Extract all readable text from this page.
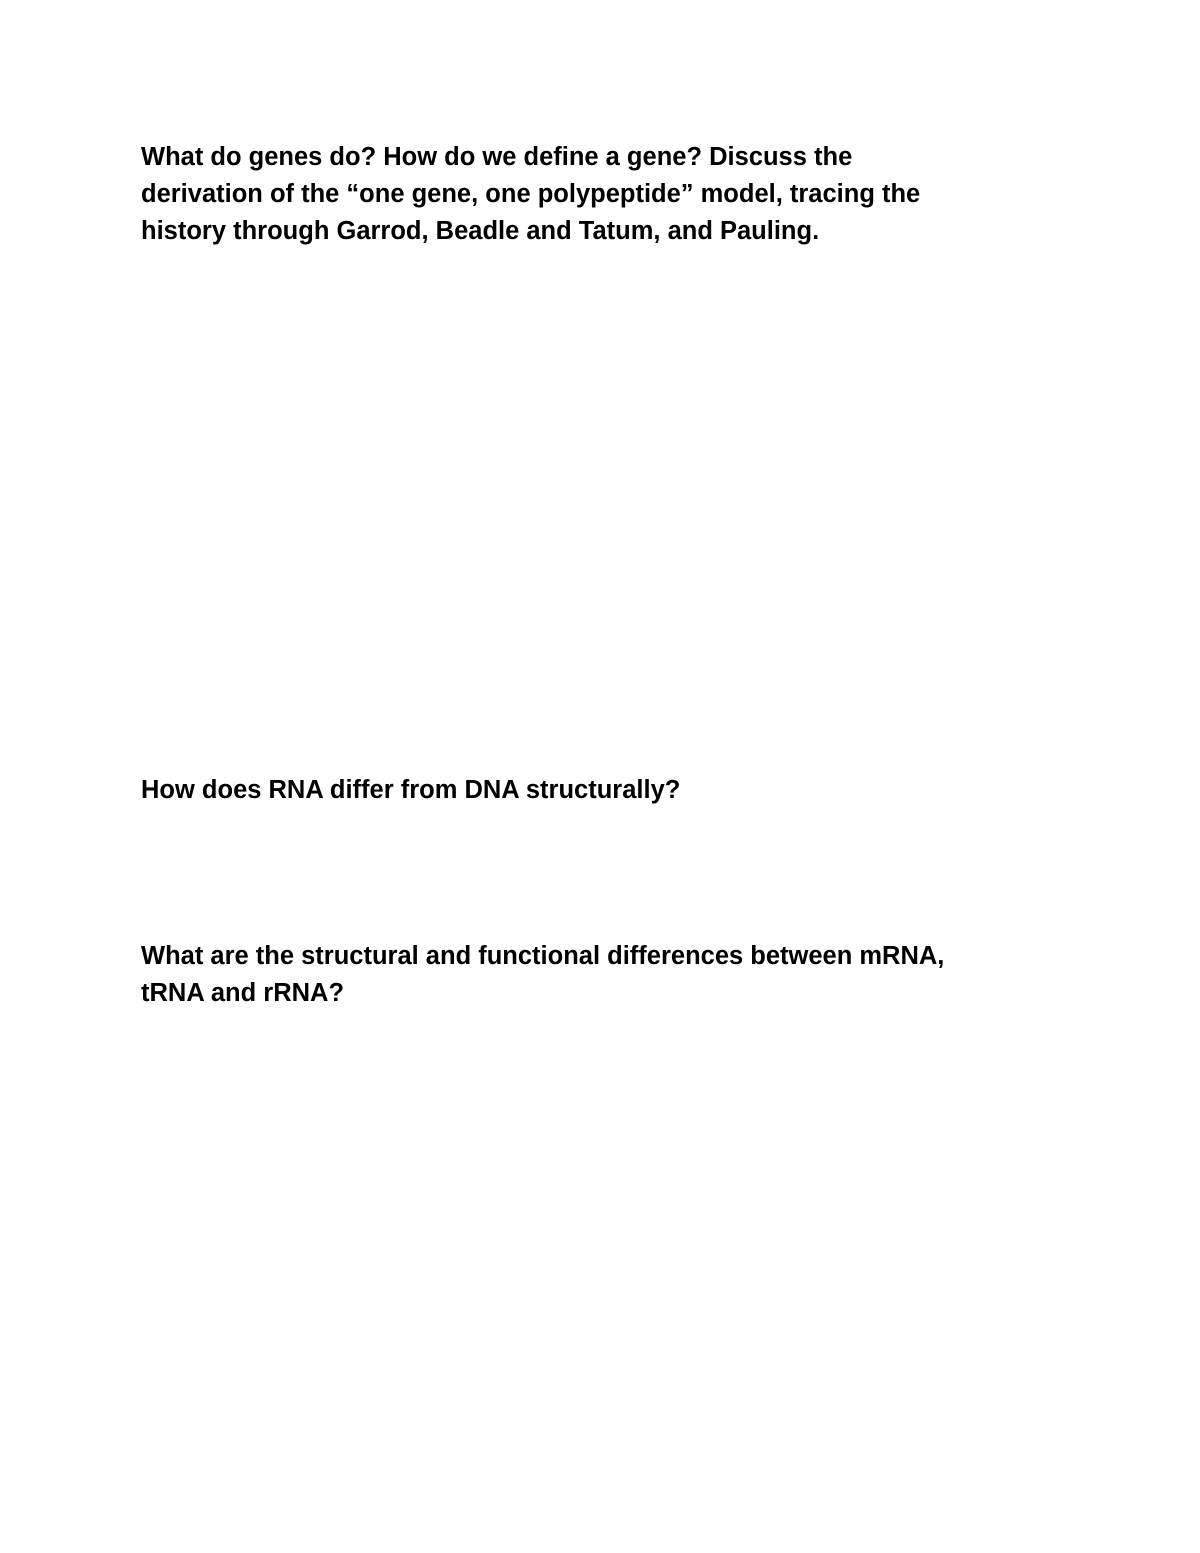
What do genes do? How do we define a gene? Discuss the
derivation of the “one gene, one polypeptide” model, tracing the
history through Garrod, Beadle and Tatum, and Pauling.

How does RNA differ from DNA structurally?

What are the structural and functional differences between mRNA,
tRNA and rRNA?
